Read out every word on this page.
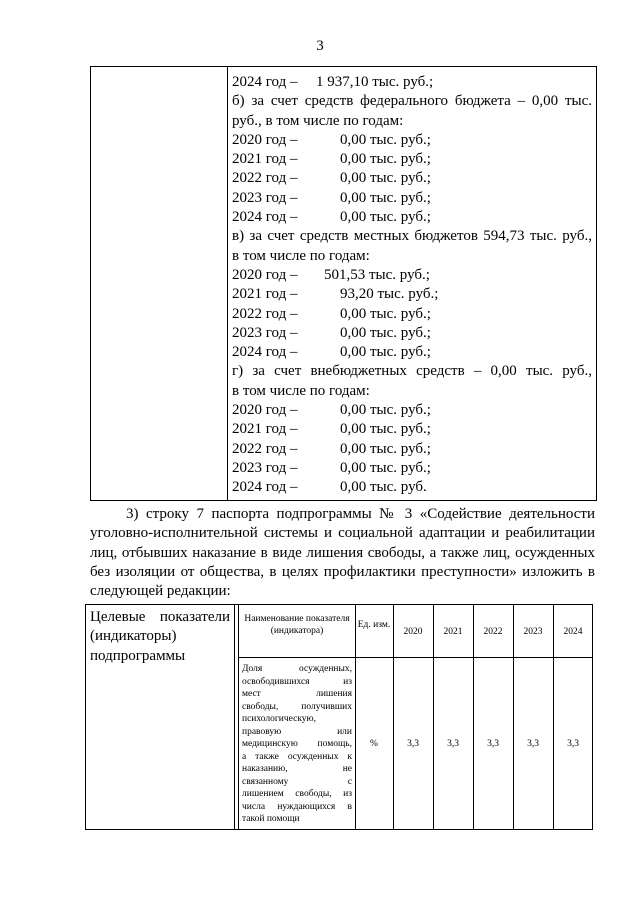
3
2024 год – 1 937,10 тыс. руб.;
б) за счет средств федерального бюджета – 0,00 тыс.
руб., в том числе по годам:
2020 год –	0,00 тыс. руб.;
2021 год –	0,00 тыс. руб.;
2022 год –	0,00 тыс. руб.;
2023 год –	0,00 тыс. руб.;
2024 год –	0,00 тыс. руб.;
в) за счет средств местных бюджетов 594,73 тыс. руб.,
в том числе по годам:
2020 год – 501,53 тыс. руб.;
2021 год –	93,20 тыс. руб.;
2022 год –	0,00 тыс. руб.;
2023 год –	0,00 тыс. руб.;
2024 год –	0,00 тыс. руб.;
г) за счет внебюджетных средств – 0,00 тыс. руб.,
в том числе по годам:
2020 год –	0,00 тыс. руб.;
2021 год –	0,00 тыс. руб.;
2022 год –	0,00 тыс. руб.;
2023 год –	0,00 тыс. руб.;
2024 год –	0,00 тыс. руб.
3) строку 7 паспорта подпрограммы № 3 «Содействие деятельности
уголовно-исполнительной системы и социальной адаптации и реабилитации
лиц, отбывших наказание в виде лишения свободы, а также лиц, осужденных
без изоляции от общества, в целях профилактики преступности» изложить в
следующей редакции:
Целевые показатели
(индикаторы)
подпрограммы
Наименование показателя (индикатора)
Ед. изм.
2020	2021	2022	2023	2024
Доля осужденных,
освободившихся из
мест лишения
свободы, получивших
психологическую,
правовую или
медицинскую помощь,
а также осужденных к
наказанию, не
связанному с
лишением свободы, из
числа нуждающихся в
такой помощи
%	3,3	3,3	3,3	3,3	3,3
